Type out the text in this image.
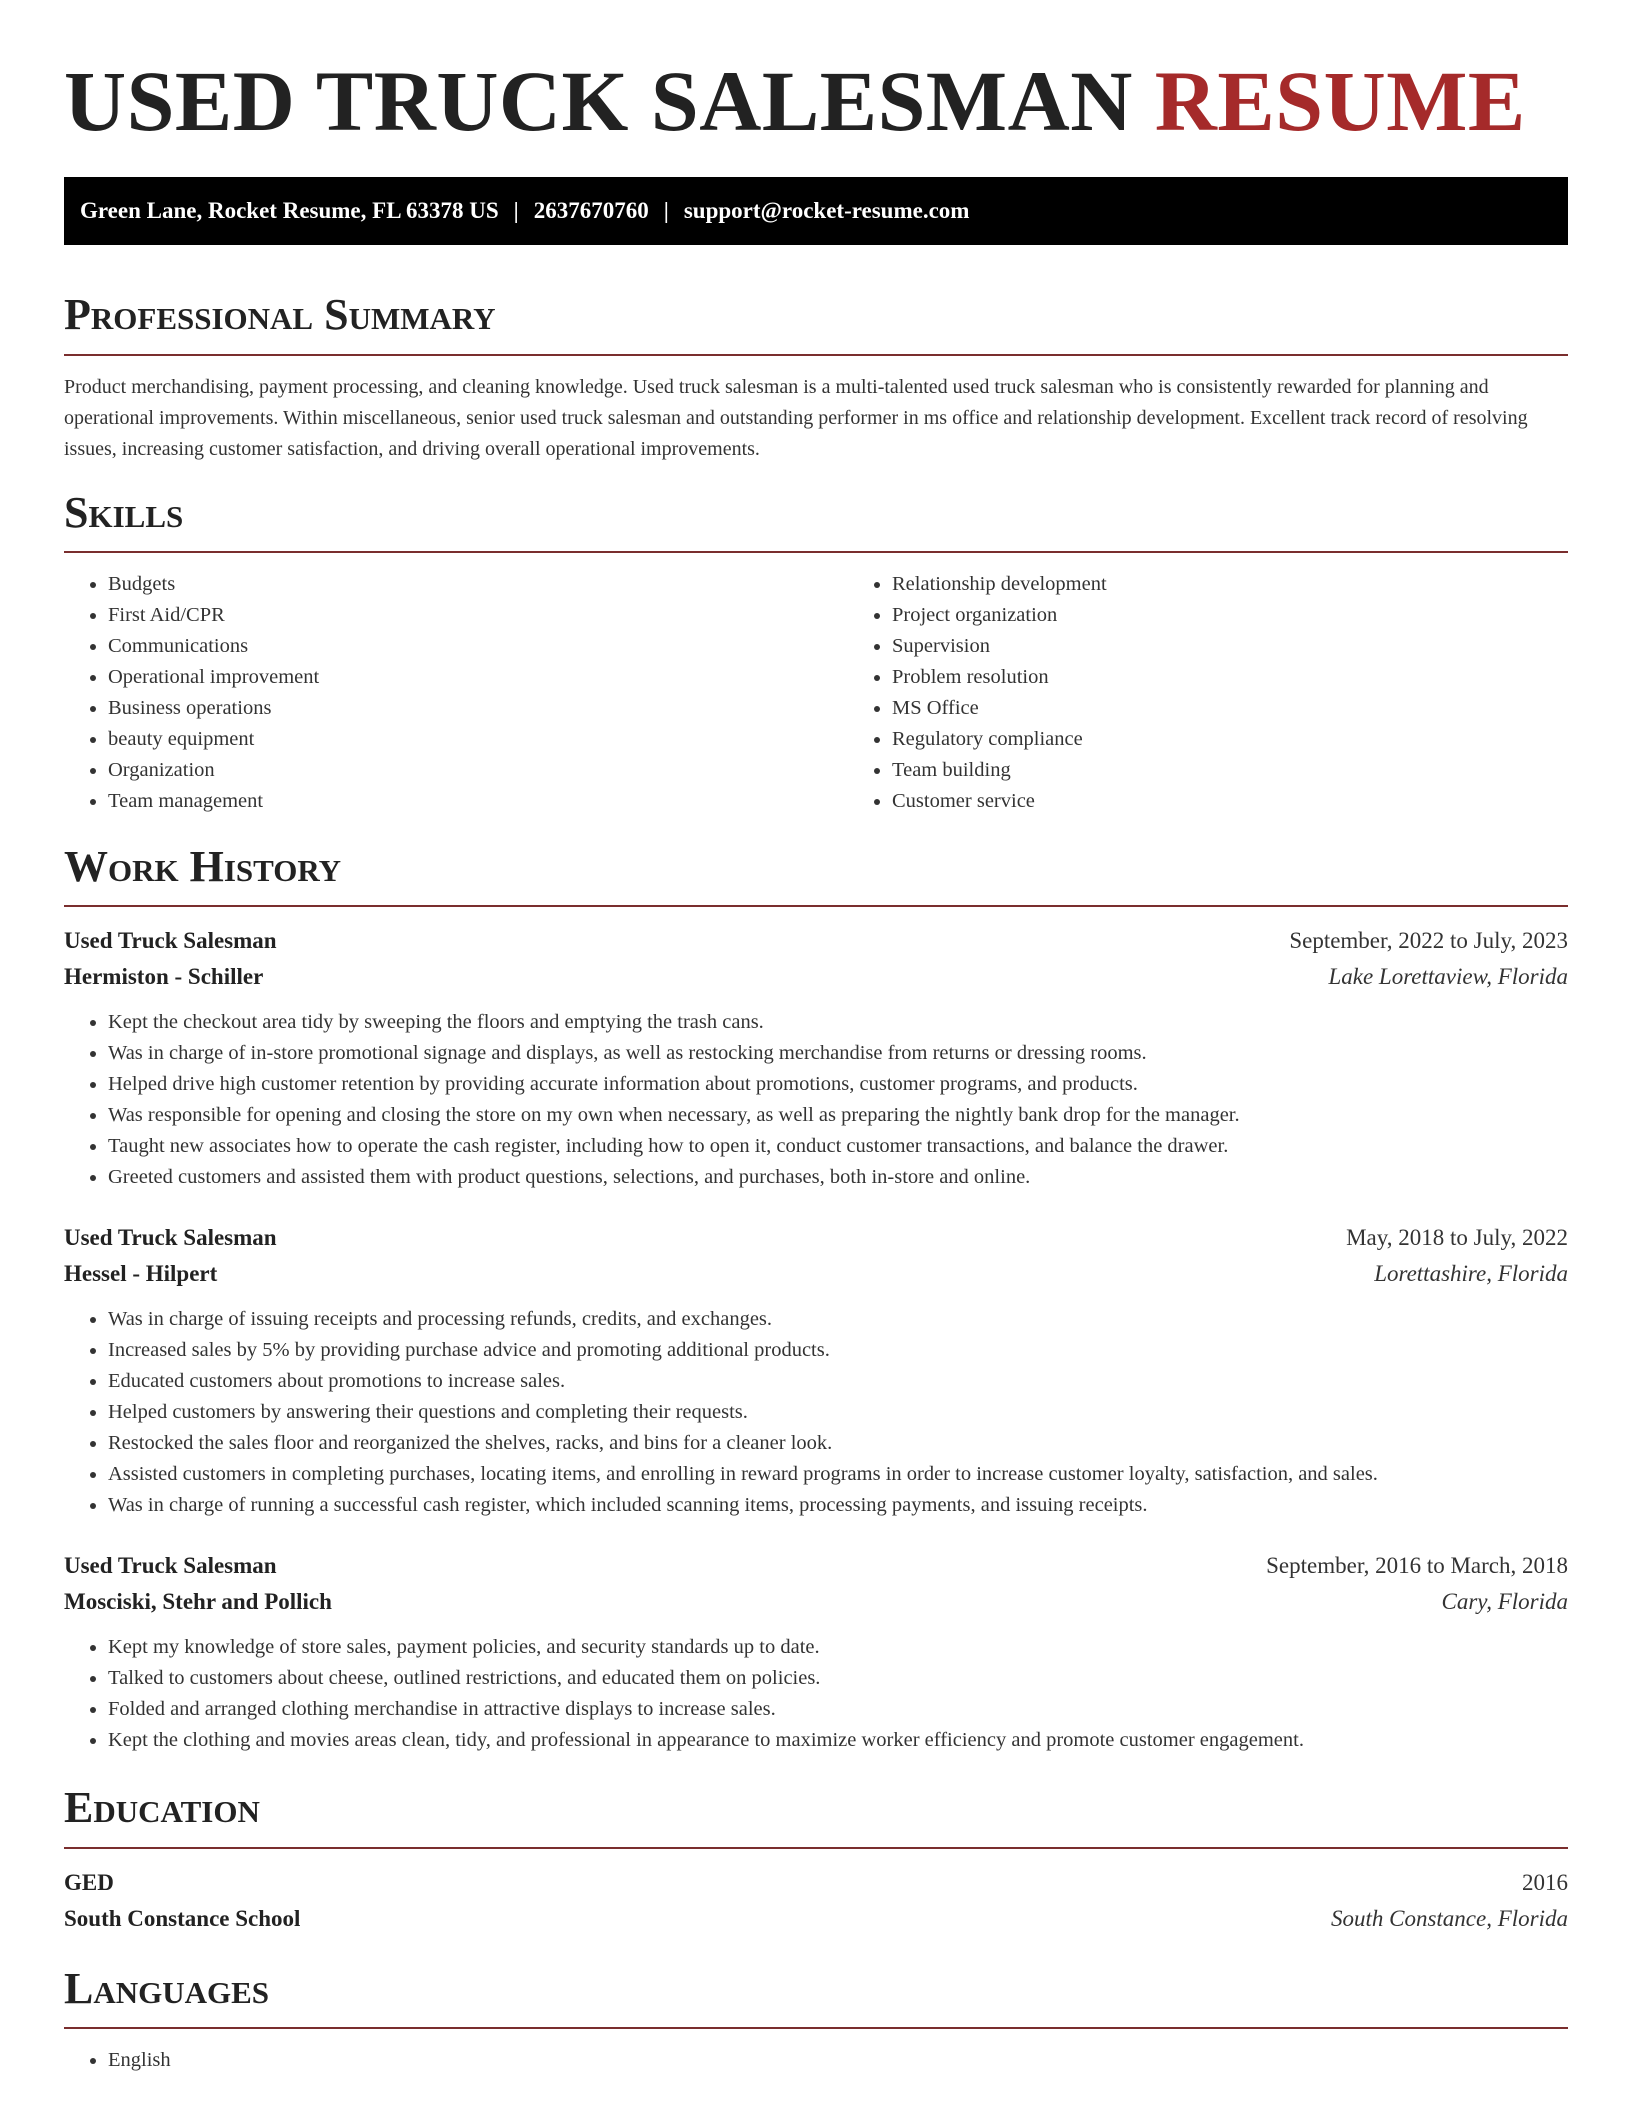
USED TRUCK SALESMAN RESUME
Green Lane, Rocket Resume, FL 63378 US | 2637670760 | support@rocket-resume.com
Professional Summary

Product merchandising, payment processing, and cleaning knowledge. Used truck salesman is a multi-talented used truck salesman who is consistently rewarded for planning and operational improvements. Within miscellaneous, senior used truck salesman and outstanding performer in ms office and relationship development. Excellent track record of resolving issues, increasing customer satisfaction, and driving overall operational improvements.

Skills
• Budgets
• First Aid/CPR
• Communications
• Operational improvement
• Business operations
• beauty equipment
• Organization
• Team management
• Relationship development
• Project organization
• Supervision
• Problem resolution
• MS Office
• Regulatory compliance
• Team building
• Customer service
Work History
Used Truck Salesman	September, 2022 to July, 2023
Hermiston - Schiller	Lake Lorettaview, Florida
• Kept the checkout area tidy by sweeping the floors and emptying the trash cans.
• Was in charge of in-store promotional signage and displays, as well as restocking merchandise from returns or dressing rooms.
• Helped drive high customer retention by providing accurate information about promotions, customer programs, and products.
• Was responsible for opening and closing the store on my own when necessary, as well as preparing the nightly bank drop for the manager.
• Taught new associates how to operate the cash register, including how to open it, conduct customer transactions, and balance the drawer.
• Greeted customers and assisted them with product questions, selections, and purchases, both in-store and online.
Used Truck Salesman	May, 2018 to July, 2022
Hessel - Hilpert	Lorettashire, Florida
• Was in charge of issuing receipts and processing refunds, credits, and exchanges.
• Increased sales by 5% by providing purchase advice and promoting additional products.
• Educated customers about promotions to increase sales.
• Helped customers by answering their questions and completing their requests.
• Restocked the sales floor and reorganized the shelves, racks, and bins for a cleaner look.
• Assisted customers in completing purchases, locating items, and enrolling in reward programs in order to increase customer loyalty, satisfaction, and sales.
• Was in charge of running a successful cash register, which included scanning items, processing payments, and issuing receipts.
Used Truck Salesman	September, 2016 to March, 2018
Mosciski, Stehr and Pollich	Cary, Florida
• Kept my knowledge of store sales, payment policies, and security standards up to date.
• Talked to customers about cheese, outlined restrictions, and educated them on policies.
• Folded and arranged clothing merchandise in attractive displays to increase sales.
• Kept the clothing and movies areas clean, tidy, and professional in appearance to maximize worker efficiency and promote customer engagement.
Education
GED	2016
South Constance School	South Constance, Florida
Languages
• English
